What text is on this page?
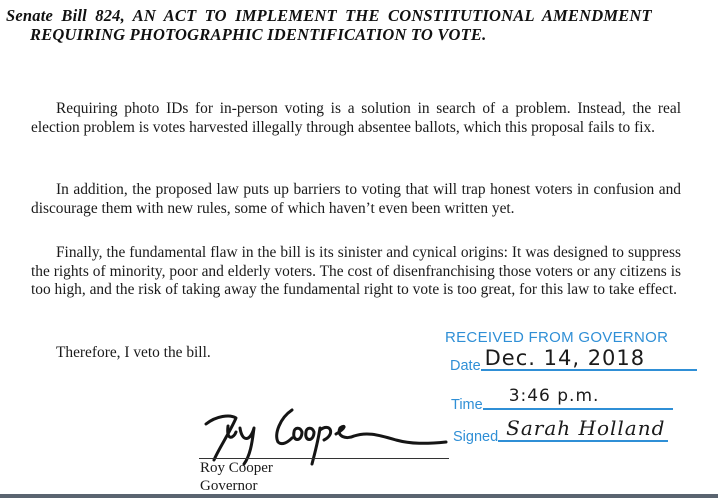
Senate Bill 824, AN ACT TO IMPLEMENT THE CONSTITUTIONAL AMENDMENT
REQUIRING PHOTOGRAPHIC IDENTIFICATION TO VOTE.

Requiring photo IDs for in-person voting is a solution in search of a problem. Instead, the real election problem is votes harvested illegally through absentee ballots, which this proposal fails to fix.

In addition, the proposed law puts up barriers to voting that will trap honest voters in confusion and discourage them with new rules, some of which haven’t even been written yet.

Finally, the fundamental flaw in the bill is its sinister and cynical origins: It was designed to suppress the rights of minority, poor and elderly voters. The cost of disenfranchising those voters or any citizens is too high, and the risk of taking away the fundamental right to vote is too great, for this law to take effect.

Therefore, I veto the bill.

Roy Cooper
Governor
RECEIVED FROM GOVERNOR
Date Dec. 14, 2018
Time 3:46 p.m.
Signed Sarah Holland
